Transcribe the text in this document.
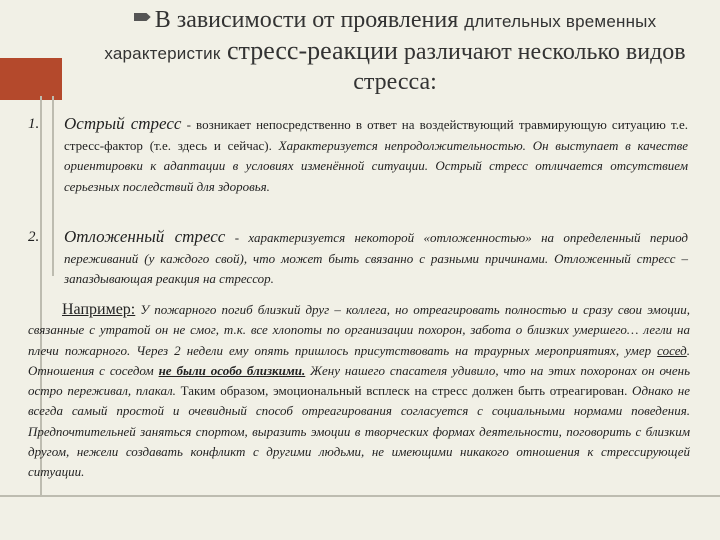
В зависимости от проявления длительных временных характеристик стресс-реакции различают несколько видов стресса:
1. Острый стресс - возникает непосредственно в ответ на воздействующий травмирующую ситуацию т.е. стресс-фактор (т.е. здесь и сейчас). Характеризуется непродолжительностью. Он выступает в качестве ориентировки к адаптации в условиях изменённой ситуации. Острый стресс отличается отсутствием серьезных последствий для здоровья.
2. Отложенный стресс - характеризуется некоторой «отложенностью» на определенный период переживаний (у каждого свой), что может быть связанно с разными причинами. Отложенный стресс – запаздывающая реакция на стрессор.
Например: У пожарного погиб близкий друг – коллега, но отреагировать полностью и сразу свои эмоции, связанные с утратой он не смог, т.к. все хлопоты по организации похорон, забота о близких умершего… легли на плечи пожарного. Через 2 недели ему опять пришлось присутствовать на траурных мероприятиях, умер сосед. Отношения с соседом не были особо близкими. Жену нашего спасателя удивило, что на этих похоронах он очень остро переживал, плакал. Таким образом, эмоциональный всплеск на стресс должен быть отреагирован. Однако не всегда самый простой и очевидный способ отреагирования согласуется с социальными нормами поведения. Предпочтительней заняться спортом, выразить эмоции в творческих формах деятельности, поговорить с близким другом, нежели создавать конфликт с другими людьми, не имеющими никакого отношения к стрессирующей ситуации.
